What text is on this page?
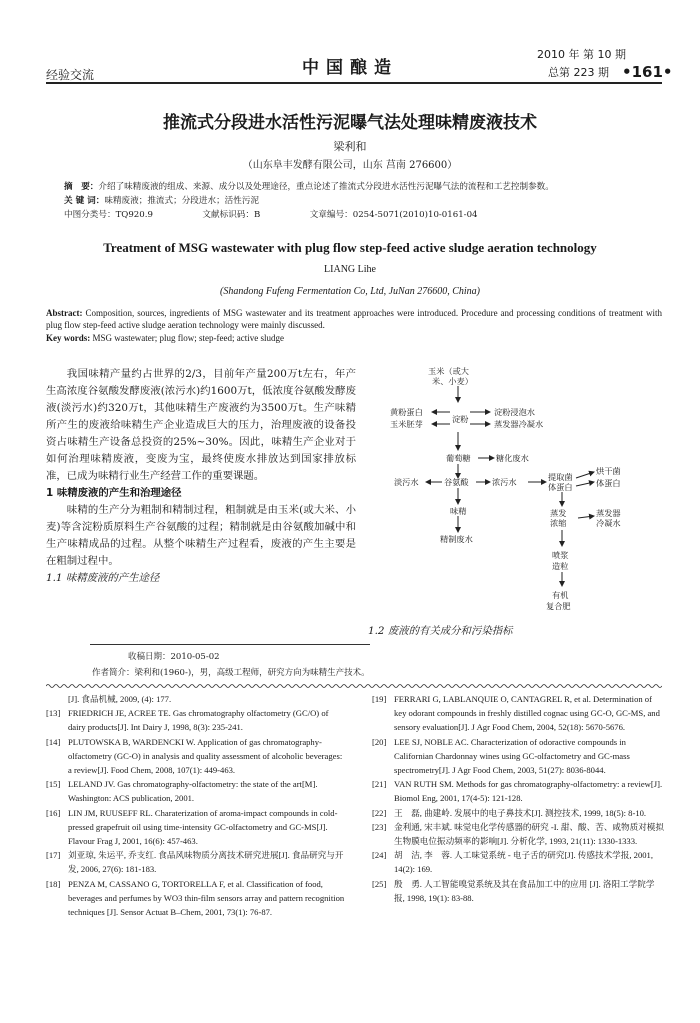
经验交流	中国酿造
2010 年 第 10 期
总第 223 期 •161•
推流式分段进水活性污泥曝气法处理味精废液技术
梁利和
（山东阜丰发酵有限公司，山东 莒南 276600）
摘　要：介绍了味精废液的组成、来源、成分以及处理途径，重点论述了推流式分段进水活性污泥曝气法的流程和工艺控制参数。
关 键 词：味精废液；推流式；分段进水；活性污泥
中图分类号：TQ920.9	文献标识码：B	文章编号：0254-5071(2010)10-0161-04
Treatment of MSG wastewater with plug flow step-feed active sludge aeration technology
LIANG Lihe
(Shandong Fufeng Fermentation Co, Ltd, JuNan 276600, China)
Abstract: Composition, sources, ingredients of MSG wastewater and its treatment approaches were introduced. Procedure and processing conditions of treatment with plug flow step-feed active sludge aeration technology were mainly discussed.
Key words: MSG wastewater; plug flow; step-feed; active sludge

我国味精产量约占世界的2/3，目前年产量200万t左右，年产生高浓度谷氨酸发酵废液(浓污水)约1600万t，低浓度谷氨酸发酵废液(淡污水)约320万t，其他味精生产废液约为3500万t。生产味精所产生的废液给味精生产企业造成巨大的压力，治理废液的设备投资占味精生产设备总投资的25%~30%。因此，味精生产企业对于如何治理味精废液，变废为宝，最终使废水排放达到国家排放标准，已成为味精行业生产经营工作的重要课题。

1 味精废液的产生和治理途径

味精的生产分为粗制和精制过程，粗制就是由玉米(或大米、小麦)等含淀粉质原料生产谷氨酸的过程；精制就是由谷氨酸加碱中和生产味精成品的过程。从整个味精生产过程看，废液的产生主要是在粗制过程中。

1.1 味精废液的产生途径

1.2 废液的有关成分和污染指标
玉米（或大
米、小麦）
黄粉蛋白
玉米胚芽	淀粉
淀粉浸泡水
蒸发器冷凝水
葡萄糖	糖化废水
淡污水	谷氨酸	浓污水	提取菌
体蛋白
烘干菌
体蛋白
味精	蒸发
浓缩
蒸发器
冷凝水
精制废水
喷浆
造粒
有机
复合肥
收稿日期：2010-05-02
作者简介：梁利和(1960-)，男，高级工程师，研究方向为味精生产技术。
[J]. 食品机械, 2009, (4): 177.
[13] FRIEDRICH JE, ACREE TE. Gas chromatography olfactometry (GC/O) of dairy products[J]. Int Dairy J, 1998, 8(3): 235-241.
[14] PLUTOWSKA B, WARDENCKI W. Application of gas chromatography- olfactometry (GC-O) in analysis and quality assessment of alcoholic beverages: a review[J]. Food Chem, 2008, 107(1): 449-463.
[15] LELAND JV. Gas chromatography-olfactometry: the state of the art[M]. Washington: ACS publication, 2001.
[16] LIN JM, RUUSEFF RL. Charaterization of aroma-impact compounds in cold-pressed grapefruit oil using time-intensity GC-olfactometry and GC-MS[J]. Flavour Frag J, 2001, 16(6): 457-463.
[17] 刘亚琼, 朱运平, 乔支红. 食品风味物质分离技术研究进展[J]. 食品研究与开发, 2006, 27(6): 181-183.
[18] PENZA M, CASSANO G, TORTORELLA F, et al. Classification of food, beverages and perfumes by WO3 thin-film sensors array and pattern recognition techniques [J]. Sensor Actuat B–Chem, 2001, 73(1): 76-87.
[19] FERRARI G, LABLANQUIE O, CANTAGREL R, et al. Determination of key odorant compounds in freshly distilled cognac using GC-O, GC-MS, and sensory evaluation[J]. J Agr Food Chem, 2004, 52(18): 5670-5676.
[20] LEE SJ, NOBLE AC. Characterization of odoractive compounds in Californian Chardonnay wines using GC-olfactometry and GC-mass spectrometry[J]. J Agr Food Chem, 2003, 51(27): 8036-8044.
[21] VAN RUTH SM. Methods for gas chromatography-olfactometry: a review[J]. Biomol Eng, 2001, 17(4-5): 121-128.
[22] 王　磊, 曲建岭. 发展中的电子鼻技术[J]. 测控技术, 1999, 18(5): 8-10.
[23] 金利通, 宋丰斌. 味觉电化学传感器的研究 -I. 甜、酸、苦、咸物质对模拟生物膜电位振动频率的影响[J]. 分析化学, 1993, 21(11): 1330-1333.
[24] 胡　洁, 李　蓉. 人工味觉系统 - 电子舌的研究[J]. 传感技术学报, 2001, 14(2): 169.
[25] 殷　勇. 人工智能嗅觉系统及其在食品加工中的应用 [J]. 洛阳工学院学报, 1998, 19(1): 83-88.
